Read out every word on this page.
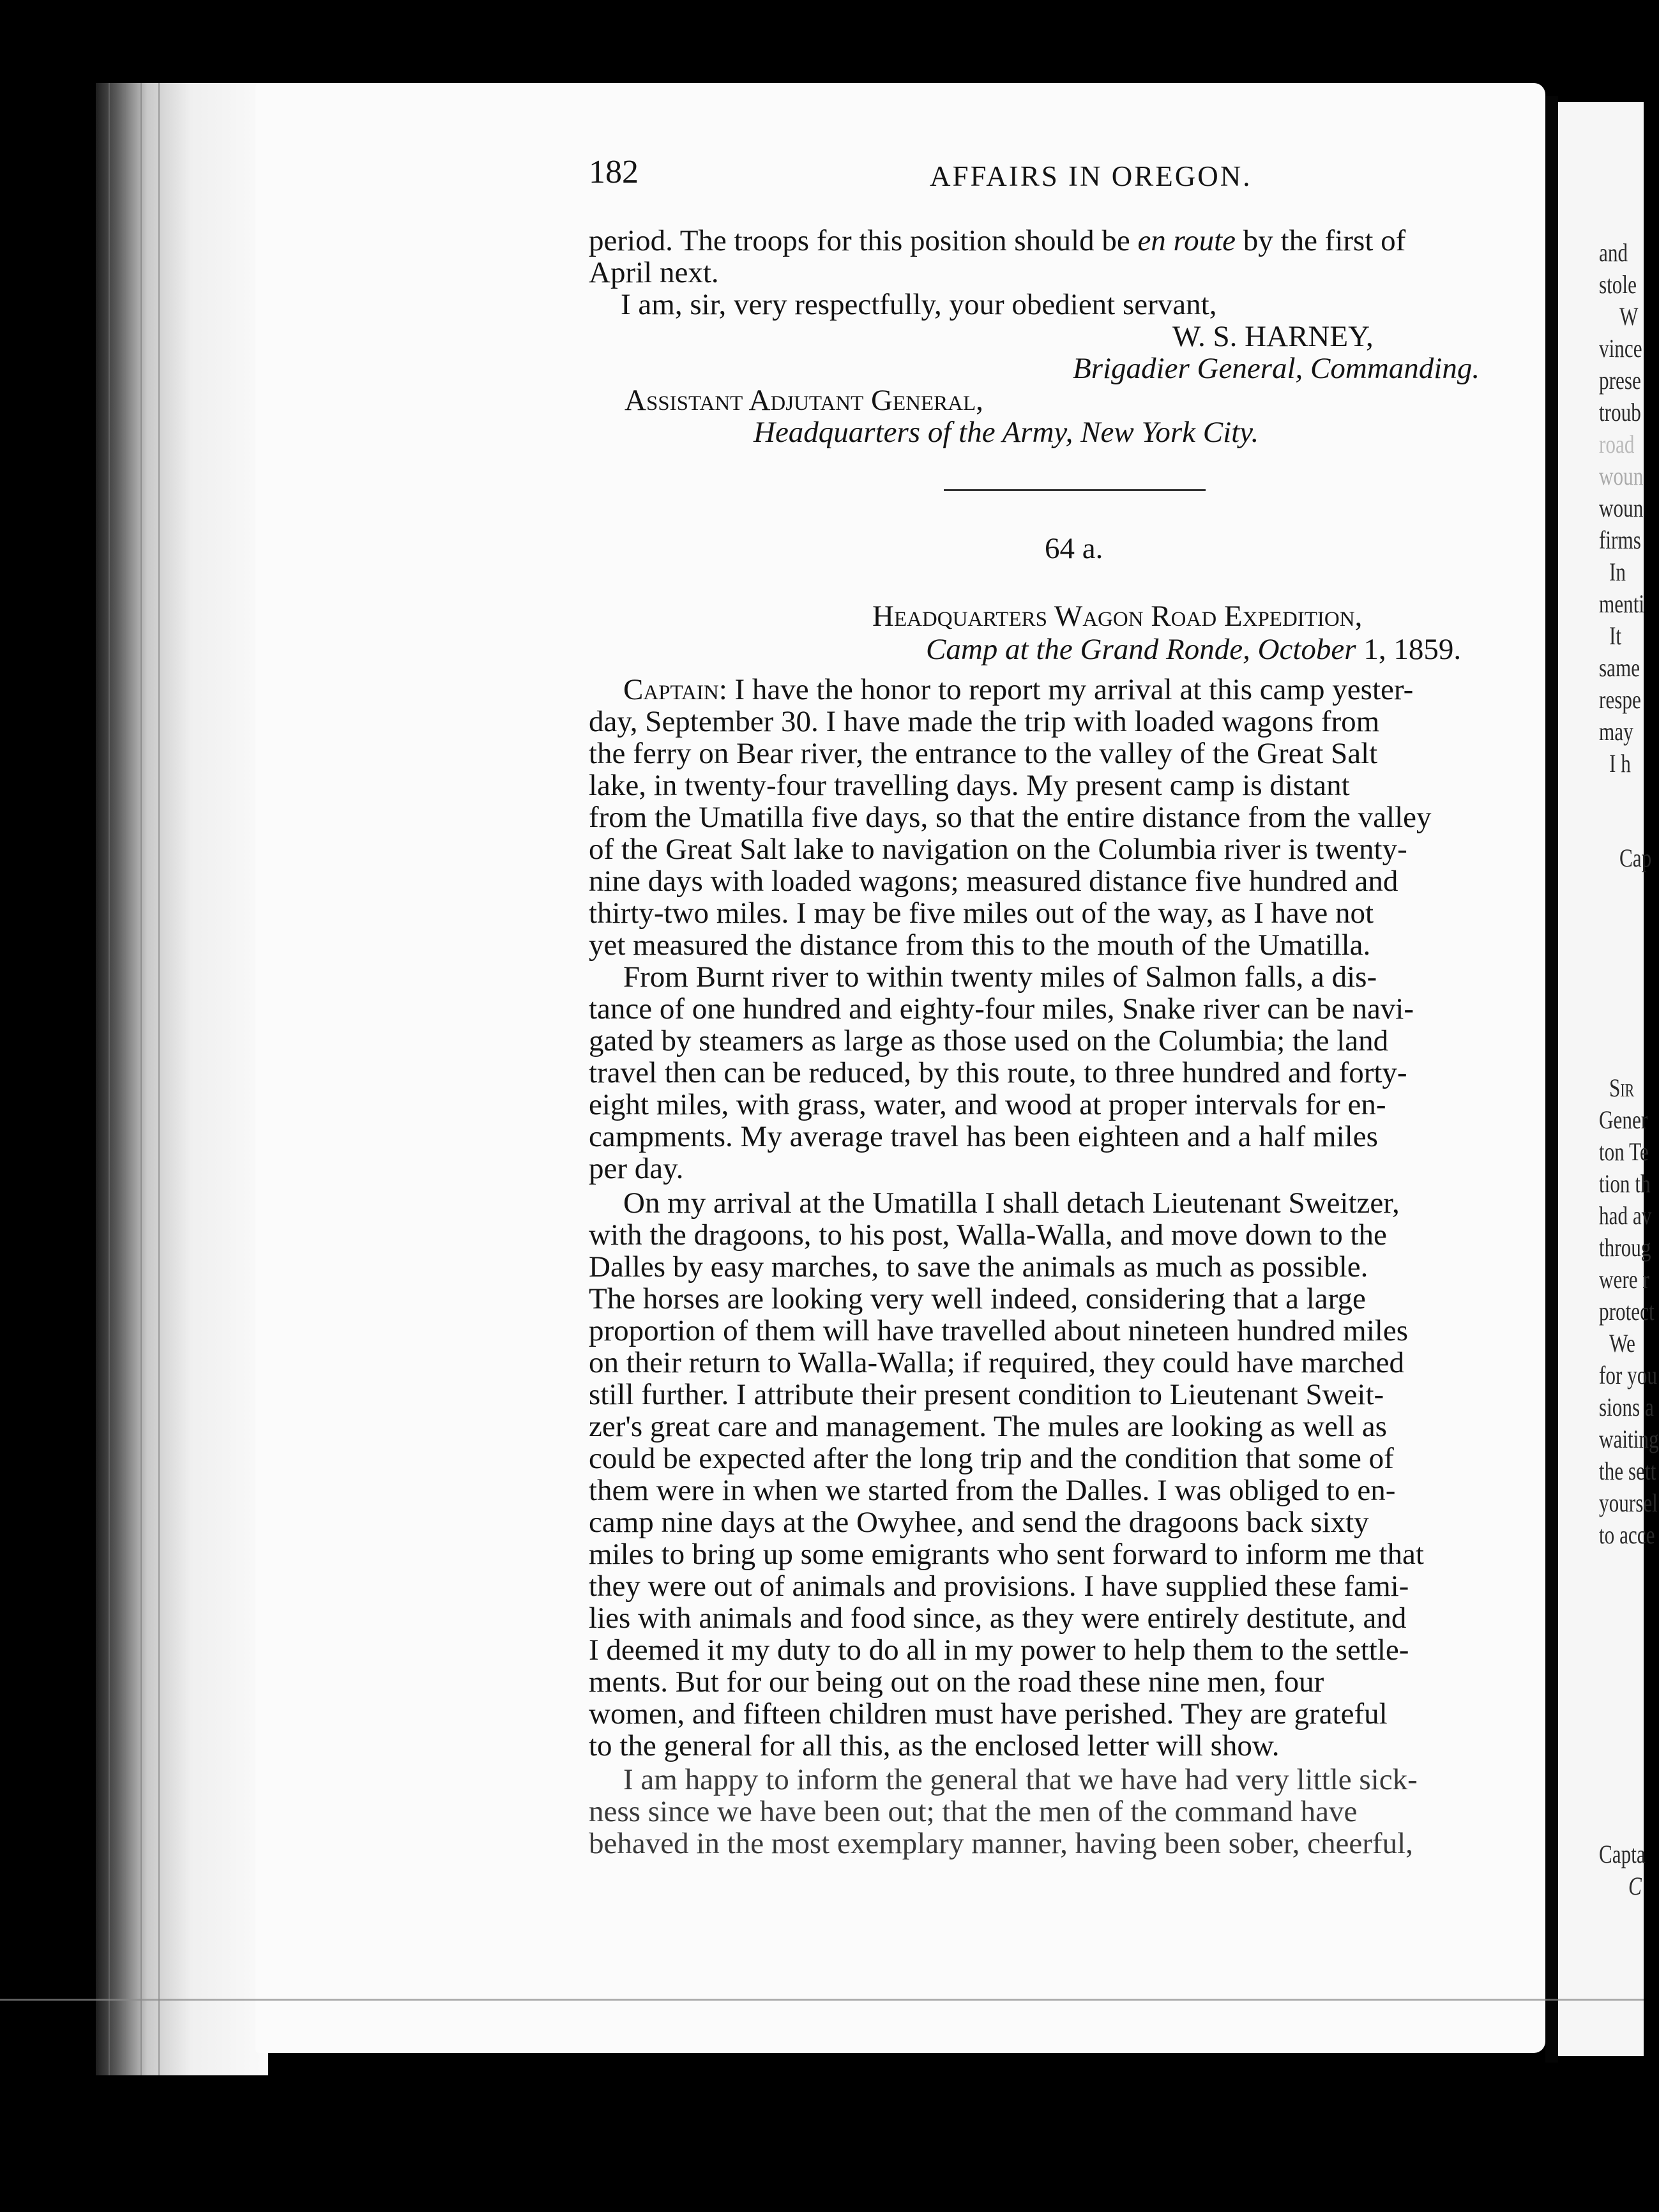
and
stole
W
vince
prese
troub
road
woun
woun
firms
In
menti
It
same
respe
may
I h
Cap
Sir
Gener
ton Te
tion th
had av
throug
were r
protect
We
for you
sions a
waiting
the sett
yoursel
to acce
Capta
C
182	AFFAIRS IN OREGON.
period. The troops for this position should be en route by the first of
April next.
I am, sir, very respectfully, your obedient servant,
W. S. HARNEY,
Brigadier General, Commanding.
Assistant Adjutant General,
Headquarters of the Army, New York City.
64 a.
Headquarters Wagon Road Expedition,
Camp at the Grand Ronde, October 1, 1859.
Captain: I have the honor to report my arrival at this camp yester-
day, September 30. I have made the trip with loaded wagons from
the ferry on Bear river, the entrance to the valley of the Great Salt
lake, in twenty-four travelling days. My present camp is distant
from the Umatilla five days, so that the entire distance from the valley
of the Great Salt lake to navigation on the Columbia river is twenty-
nine days with loaded wagons; measured distance five hundred and
thirty-two miles. I may be five miles out of the way, as I have not
yet measured the distance from this to the mouth of the Umatilla.
From Burnt river to within twenty miles of Salmon falls, a dis-
tance of one hundred and eighty-four miles, Snake river can be navi-
gated by steamers as large as those used on the Columbia; the land
travel then can be reduced, by this route, to three hundred and forty-
eight miles, with grass, water, and wood at proper intervals for en-
campments. My average travel has been eighteen and a half miles
per day.
On my arrival at the Umatilla I shall detach Lieutenant Sweitzer,
with the dragoons, to his post, Walla-Walla, and move down to the
Dalles by easy marches, to save the animals as much as possible.
The horses are looking very well indeed, considering that a large
proportion of them will have travelled about nineteen hundred miles
on their return to Walla-Walla; if required, they could have marched
still further. I attribute their present condition to Lieutenant Sweit-
zer's great care and management. The mules are looking as well as
could be expected after the long trip and the condition that some of
them were in when we started from the Dalles. I was obliged to en-
camp nine days at the Owyhee, and send the dragoons back sixty
miles to bring up some emigrants who sent forward to inform me that
they were out of animals and provisions. I have supplied these fami-
lies with animals and food since, as they were entirely destitute, and
I deemed it my duty to do all in my power to help them to the settle-
ments. But for our being out on the road these nine men, four
women, and fifteen children must have perished. They are grateful
to the general for all this, as the enclosed letter will show.
I am happy to inform the general that we have had very little sick-
ness since we have been out; that the men of the command have
behaved in the most exemplary manner, having been sober, cheerful,
